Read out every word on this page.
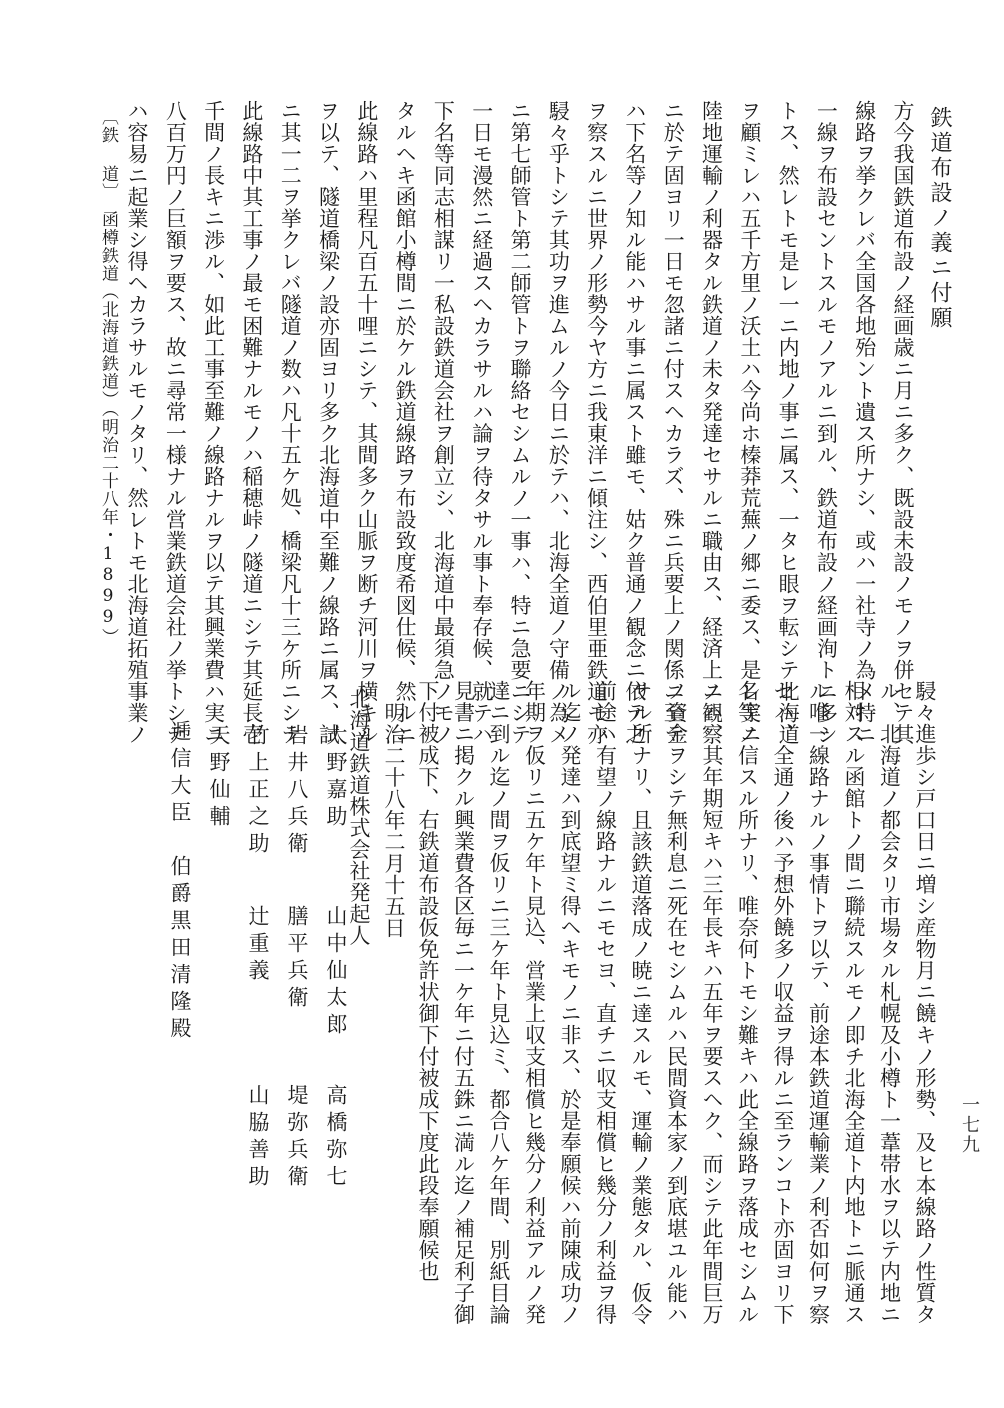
鉄道布設ノ義ニ付願
方今我国鉄道布設ノ経画歳ニ月ニ多ク、既設未設ノモノヲ併セテ其
線路ヲ挙クレバ全国各地殆ント遺ス所ナシ、或ハ一社寺ノ為メ特ニ
一線ヲ布設セントスルモノアルニ到ル、鉄道布設ノ経画洵トニ多シ
トス、然レトモ是レ一ニ内地ノ事ニ属ス、一タヒ眼ヲ転シテ北海道
ヲ顧ミレハ五千方里ノ沃土ハ今尚ホ榛莽荒蕪ノ郷ニ委ス、是レ実ニ
陸地運輸ノ利器タル鉄道ノ未タ発達セサルニ職由ス、経済上ノ観察
ニ於テ固ヨリ一日モ忽諸ニ付スヘカラズ、殊ニ兵要上ノ関係ニ至テ
ハ下名等ノ知ル能ハサル事ニ属スト雖モ、姑ク普通ノ観念ニ依テ之
ヲ察スルニ世界ノ形勢今ヤ方ニ我東洋ニ傾注シ、西伯里亜鉄道モ亦
駸々乎トシテ其功ヲ進ムルノ今日ニ於テハ、北海全道ノ守備ノ為メ
ニ第七師管ト第二師管トヲ聯絡セシムルノ一事ハ、特ニ急要ニシテ
一日モ漫然ニ経過スヘカラサルハ論ヲ待タサル事ト奉存候、就テハ
下名等同志相謀リ一私設鉄道会社ヲ創立シ、北海道中最須急ノモノ
タルヘキ函館小樽間ニ於ケル鉄道線路ヲ布設致度希図仕候、然ルニ
此線路ハ里程凡百五十哩ニシテ、其間多ク山脈ヲ断チ河川ヲ横キル
ヲ以テ、隧道橋梁ノ設亦固ヨリ多ク北海道中至難ノ線路ニ属ス、試
ニ其一二ヲ挙クレバ隧道ノ数ハ凡十五ケ処、橋梁凡十三ケ所ニシテ
此線路中其工事ノ最モ困難ナルモノハ稲穂峠ノ隧道ニシテ其延長壱
千間ノ長キニ渉ル、如此工事至難ノ線路ナルヲ以テ其興業費ハ実ニ
八百万円ノ巨額ヲ要ス、故ニ尋常一様ナル営業鉄道会社ノ挙トシテ
ハ容易ニ起業シ得ヘカラサルモノタリ、然レトモ北海道拓殖事業ノ
〔鉄 道〕　函樽鉄道（北海道鉄道）（明治二十八年・1899）
駸々進歩シ戸口日ニ増シ産物月ニ饒キノ形勢、及ヒ本線路ノ性質タ
ル、北海道ノ都会タリ市場タル札幌及小樽ト一葦帯水ヲ以テ内地ニ
相対スル函館トノ間ニ聯続スルモノ即チ北海全道ト内地トニ脈通ス
ル唯一線路ナルノ事情トヲ以テ、前途本鉄道運輸業ノ利否如何ヲ察
セハ、全通ノ後ハ予想外饒多ノ収益ヲ得ルニ至ランコト亦固ヨリ下
名等ノ信スル所ナリ、唯奈何トモシ難キハ此全線路ヲ落成セシムル
ニハ、其年期短キハ三年長キハ五年ヲ要スヘク、而シテ此年間巨万
ノ資金ヲシテ無利息ニ死在セシムルハ民間資本家ノ到底堪ユル能ハ
サル所ナリ、且該鉄道落成ノ暁ニ達スルモ、運輸ノ業態タル、仮令
前途ハ有望ノ線路ナルニモセヨ、直チニ収支相償ヒ幾分ノ利益ヲ得
ル迄ノ発達ハ到底望ミ得ヘキモノニ非ス、於是奉願候ハ前陳成功ノ
年期ヲ仮リニ五ケ年ト見込、営業上収支相償ヒ幾分ノ利益アルノ発
達ニ到ル迄ノ間ヲ仮リニ三ケ年ト見込ミ、都合八ケ年間、別紙目論
見書ニ掲クル興業費各区毎ニ一ケ年ニ付五銖ニ満ル迄ノ補足利子御
下付被成下、右鉄道布設仮免許状御下付被成下度此段奉願候也
明治二十八年二月十五日
北海道鉄道株式会社発起人
大野嘉助
岩井八兵衛
竹上正之助
天野仙輔
山中仙太郎
膳平兵衛
辻重義
高橋弥七
堤弥兵衛
山脇善助
逓信大臣　伯爵黒田清隆殿
一七九
